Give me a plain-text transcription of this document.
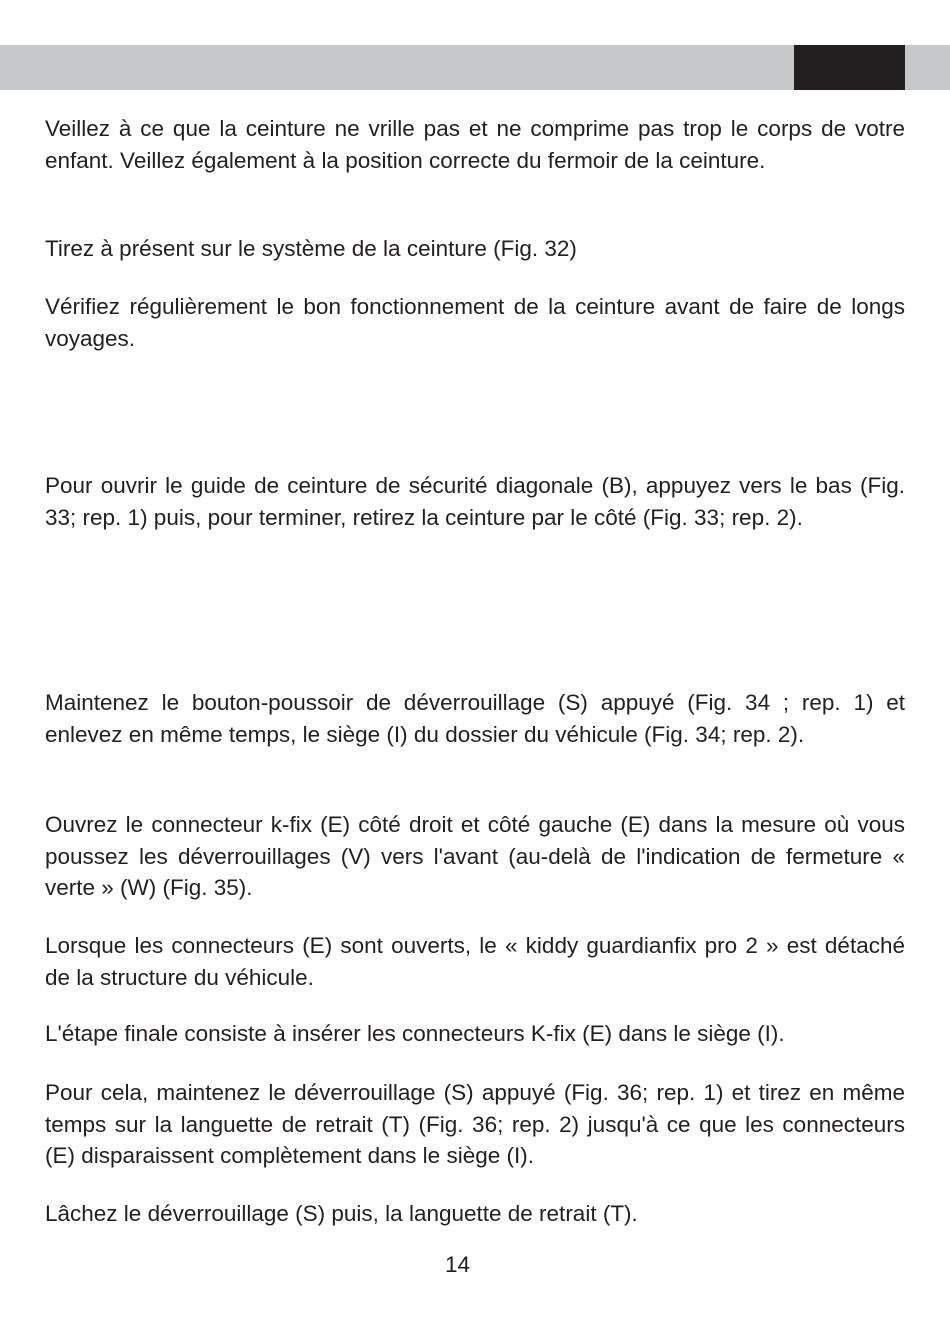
Veillez à ce que la ceinture ne vrille pas et ne comprime pas trop le corps de votre enfant. Veillez également à la position correcte du fermoir de la ceinture.

Tirez à présent sur le système de la ceinture (Fig. 32)

Vérifiez régulièrement le bon fonctionnement de la ceinture avant de faire de longs voyages.

Pour ouvrir le guide de ceinture de sécurité diagonale (B), appuyez vers le bas (Fig. 33; rep. 1) puis, pour terminer, retirez la ceinture par le côté (Fig. 33; rep. 2).

Maintenez le bouton-poussoir de déverrouillage (S) appuyé (Fig. 34 ; rep. 1) et enlevez en même temps, le siège (I) du dossier du véhicule (Fig. 34; rep. 2).

Ouvrez le connecteur k-fix (E) côté droit et côté gauche (E) dans la mesure où vous poussez les déverrouillages (V) vers l'avant (au-delà de l'indication de fermeture « verte » (W) (Fig. 35).

Lorsque les connecteurs (E) sont ouverts, le « kiddy guardianfix pro 2 » est détaché de la structure du véhicule.

L'étape finale consiste à insérer les connecteurs K-fix (E) dans le siège (I).

Pour cela, maintenez le déverrouillage (S) appuyé (Fig. 36; rep. 1) et tirez en même temps sur la languette de retrait (T) (Fig. 36; rep. 2) jusqu'à ce que les connecteurs (E) disparaissent complètement dans le siège (I).

Lâchez le déverrouillage (S) puis, la languette de retrait (T).

14
